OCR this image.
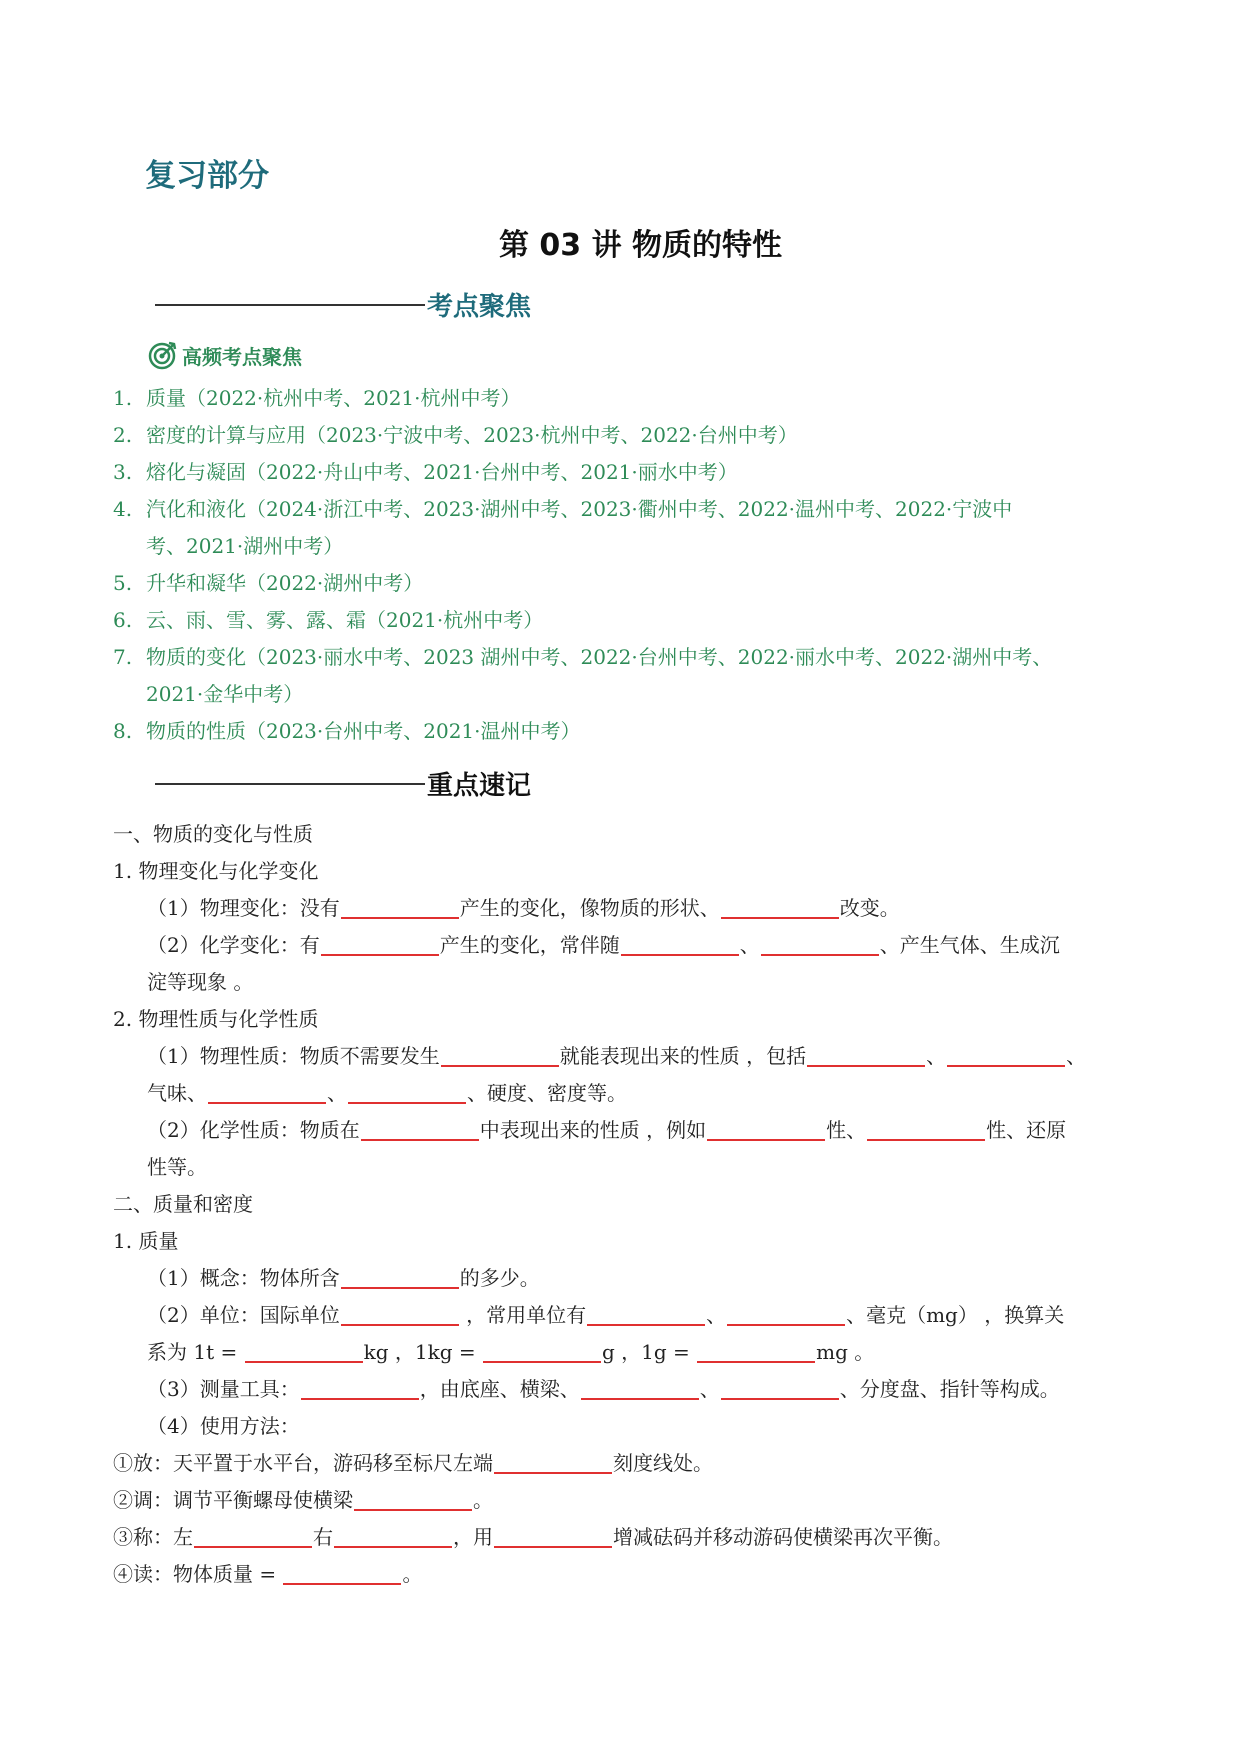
复习部分
第 03 讲 物质的特性
考点聚焦
高频考点聚焦
1. 质量（2022·杭州中考、2021·杭州中考）
2. 密度的计算与应用（2023·宁波中考、2023·杭州中考、2022·台州中考）
3. 熔化与凝固（2022·舟山中考、2021·台州中考、2021·丽水中考）
4. 汽化和液化（2024·浙江中考、2023·湖州中考、2023·衢州中考、2022·温州中考、2022·宁波中
考、2021·湖州中考）
5. 升华和凝华（2022·湖州中考）
6. 云、雨、雪、雾、露、霜（2021·杭州中考）
7. 物质的变化（2023·丽水中考、2023 湖州中考、2022·台州中考、2022·丽水中考、2022·湖州中考、
2021·金华中考）
8. 物质的性质（2023·台州中考、2021·温州中考）
重点速记
一、物质的变化与性质
1. 物理变化与化学变化
（1）物理变化：没有	产生的变化，像物质的形状、	改变。
（2）化学变化：有	产生的变化，常伴随	、	、产生气体、生成沉
淀等现象 。
2. 物理性质与化学性质
（1）物理性质：物质不需要发生	就能表现出来的性质 ，包括	、	、
气味、	、	、硬度、密度等。
（2）化学性质：物质在	中表现出来的性质 ，例如	性、	性、还原
性等。
二、质量和密度
1. 质量
（1）概念：物体所含	的多少。
（2）单位：国际单位	，常用单位有	、	、毫克（mg） ，换算关
系为 1t =	kg ，1kg =	g ，1g =	mg 。
（3）测量工具：	，由底座、横梁、	、	、分度盘、指针等构成。
（4）使用方法：
①放：天平置于水平台，游码移至标尺左端	刻度线处。
②调：调节平衡螺母使横梁	。
③称：左	右	，用	增减砝码并移动游码使横梁再次平衡。
④读：物体质量 =	。
